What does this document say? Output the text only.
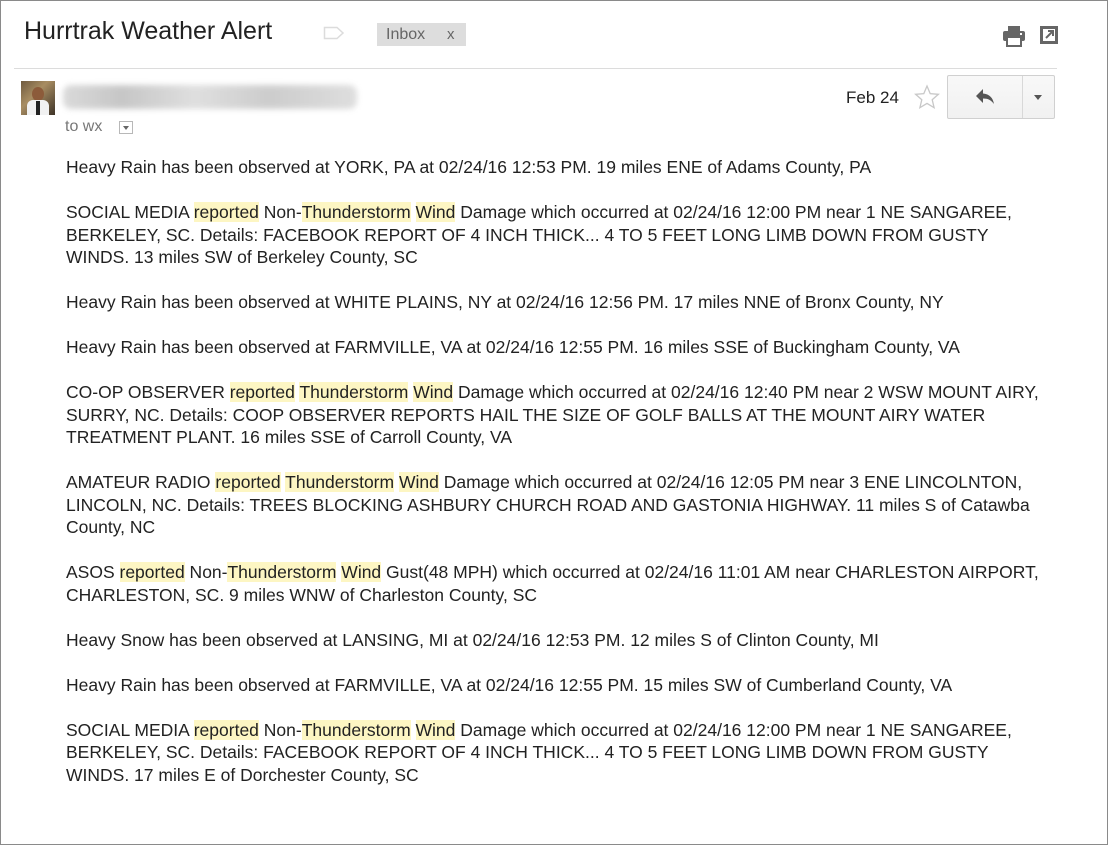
Hurrtrak Weather Alert	Inbox x
to wx
Feb 24

Heavy Rain has been observed at YORK, PA at 02/24/16 12:53 PM. 19 miles ENE of Adams County, PA

SOCIAL MEDIA reported Non-Thunderstorm Wind Damage which occurred at 02/24/16 12:00 PM near 1 NE SANGAREE, BERKELEY, SC. Details: FACEBOOK REPORT OF 4 INCH THICK... 4 TO 5 FEET LONG LIMB DOWN FROM GUSTY WINDS. 13 miles SW of Berkeley County, SC

Heavy Rain has been observed at WHITE PLAINS, NY at 02/24/16 12:56 PM. 17 miles NNE of Bronx County, NY

Heavy Rain has been observed at FARMVILLE, VA at 02/24/16 12:55 PM. 16 miles SSE of Buckingham County, VA

CO-OP OBSERVER reported Thunderstorm Wind Damage which occurred at 02/24/16 12:40 PM near 2 WSW MOUNT AIRY, SURRY, NC. Details: COOP OBSERVER REPORTS HAIL THE SIZE OF GOLF BALLS AT THE MOUNT AIRY WATER TREATMENT PLANT. 16 miles SSE of Carroll County, VA

AMATEUR RADIO reported Thunderstorm Wind Damage which occurred at 02/24/16 12:05 PM near 3 ENE LINCOLNTON, LINCOLN, NC. Details: TREES BLOCKING ASHBURY CHURCH ROAD AND GASTONIA HIGHWAY. 11 miles S of Catawba County, NC

ASOS reported Non-Thunderstorm Wind Gust(48 MPH) which occurred at 02/24/16 11:01 AM near CHARLESTON AIRPORT, CHARLESTON, SC. 9 miles WNW of Charleston County, SC

Heavy Snow has been observed at LANSING, MI at 02/24/16 12:53 PM. 12 miles S of Clinton County, MI

Heavy Rain has been observed at FARMVILLE, VA at 02/24/16 12:55 PM. 15 miles SW of Cumberland County, VA

SOCIAL MEDIA reported Non-Thunderstorm Wind Damage which occurred at 02/24/16 12:00 PM near 1 NE SANGAREE, BERKELEY, SC. Details: FACEBOOK REPORT OF 4 INCH THICK... 4 TO 5 FEET LONG LIMB DOWN FROM GUSTY WINDS. 17 miles E of Dorchester County, SC
